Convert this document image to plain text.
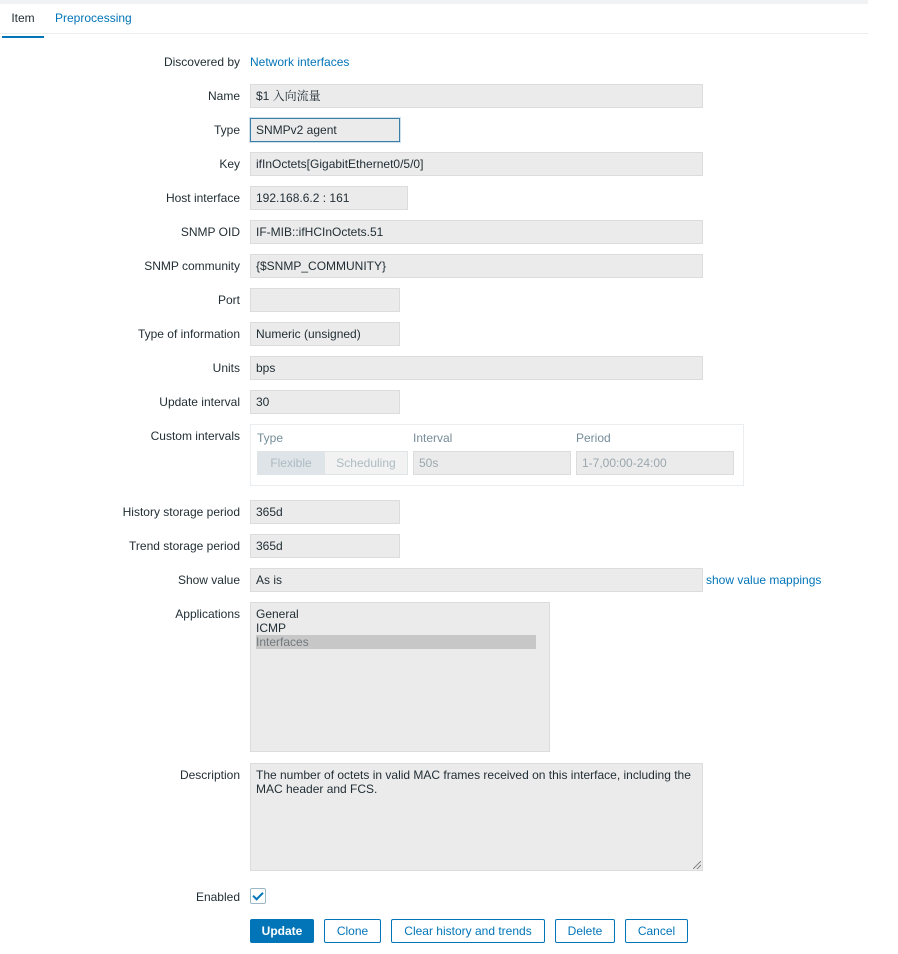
Item	Preprocessing
Discovered by Network interfaces
Name	$1 入向流量
Type	SNMPv2 agent
Key	ifInOctets[GigabitEthernet0/5/0]
Host interface	192.168.6.2 : 161
SNMP OID	IF-MIB::ifHCInOctets.51
SNMP community	{$SNMP_COMMUNITY}
Port
Type of information	Numeric (unsigned)
Units	bps
Update interval	30
Custom intervals Type	Interval	Period
Flexible	Scheduling	50s	1-7,00:00-24:00
History storage period	365d
Trend storage period	365d
Show value	As is	show value mappings
Applications General
ICMP
Interfaces
Description	The number of octets in valid MAC frames received on this interface, including the MAC header and FCS.
Enabled
Update	Clone	Clear history and trends	Delete	Cancel
